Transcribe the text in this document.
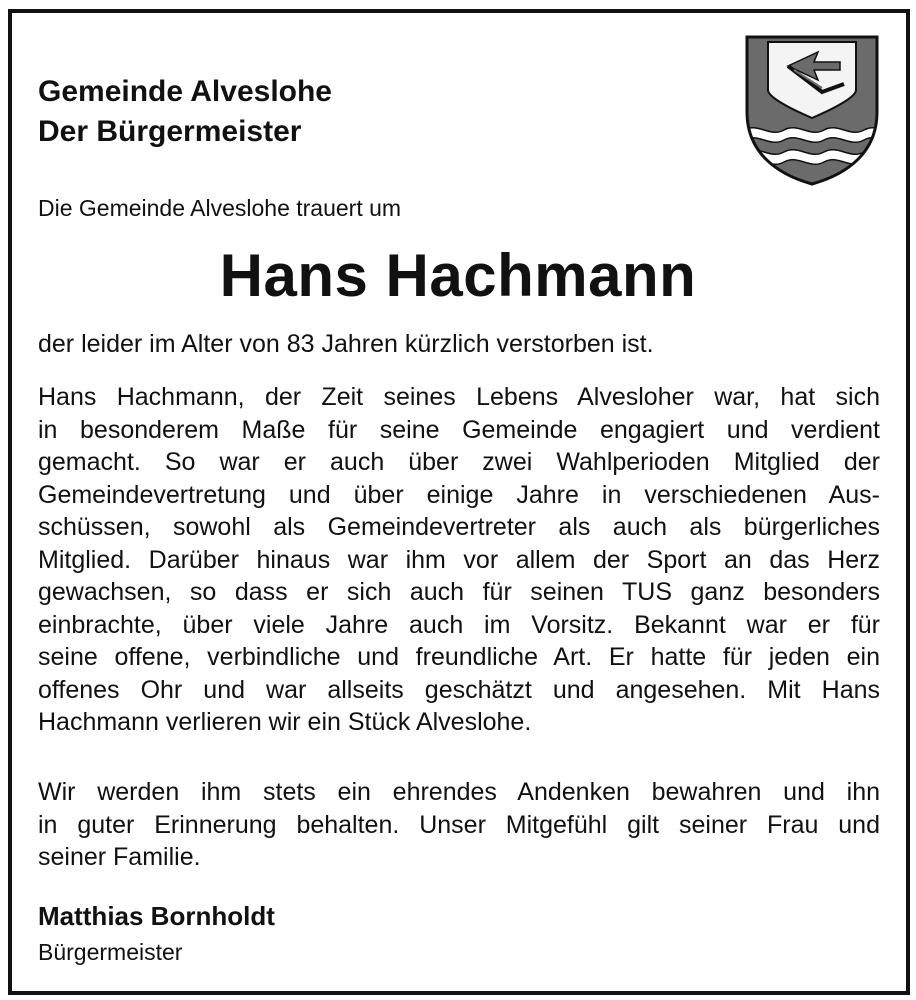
Gemeinde Alveslohe
Der Bürgermeister

Die Gemeinde Alveslohe trauert um

Hans Hachmann

der leider im Alter von 83 Jahren kürzlich verstorben ist.

Hans Hachmann, der Zeit seines Lebens Alvesloher war, hat sich
in besonderem Maße für seine Gemeinde engagiert und verdient
gemacht. So war er auch über zwei Wahlperioden Mitglied der
Gemeindevertretung und über einige Jahre in verschiedenen Aus-
schüssen, sowohl als Gemeindevertreter als auch als bürgerliches
Mitglied. Darüber hinaus war ihm vor allem der Sport an das Herz
gewachsen, so dass er sich auch für seinen TUS ganz besonders
einbrachte, über viele Jahre auch im Vorsitz. Bekannt war er für
seine offene, verbindliche und freundliche Art. Er hatte für jeden ein
offenes Ohr und war allseits geschätzt und angesehen. Mit Hans
Hachmann verlieren wir ein Stück Alveslohe.

Wir werden ihm stets ein ehrendes Andenken bewahren und ihn
in guter Erinnerung behalten. Unser Mitgefühl gilt seiner Frau und
seiner Familie.

Matthias Bornholdt

Bürgermeister
